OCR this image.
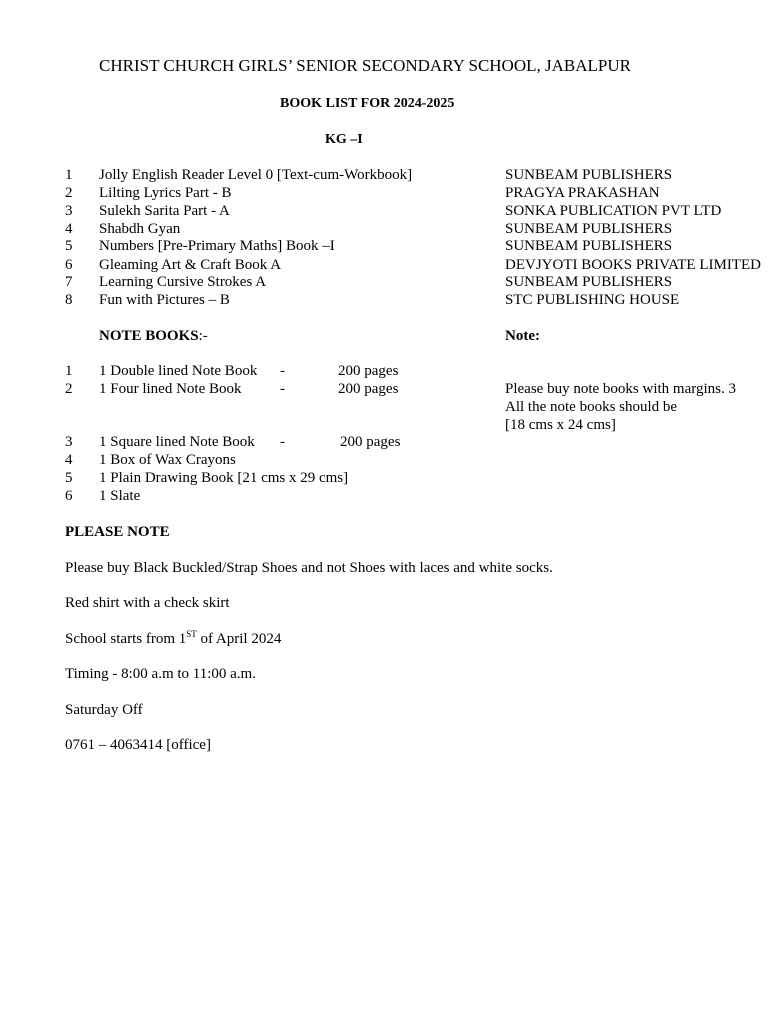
CHRIST CHURCH GIRLS’ SENIOR SECONDARY SCHOOL, JABALPUR
BOOK LIST FOR 2024-2025
KG –I
1 Jolly English Reader Level 0 [Text-cum-Workbook]	SUNBEAM PUBLISHERS
2 Lilting Lyrics Part - B	PRAGYA PRAKASHAN
3 Sulekh Sarita Part - A	SONKA PUBLICATION PVT LTD
4 Shabdh Gyan	SUNBEAM PUBLISHERS
5 Numbers [Pre-Primary Maths] Book –I	SUNBEAM PUBLISHERS
6 Gleaming Art & Craft Book A	DEVJYOTI BOOKS PRIVATE LIMITED
7 Learning Cursive Strokes A	SUNBEAM PUBLISHERS
8 Fun with Pictures – B	STC PUBLISHING HOUSE
NOTE BOOKS:-	Note:
1 1 Double lined Note Book -	200 pages
2 1 Four lined Note Book	-	200 pages
3 1 Square lined Note Book -	200 pages
4 1 Box of Wax Crayons
5 1 Plain Drawing Book [21 cms x 29 cms]
6 1 Slate
Please buy note books with margins. 3
All the note books should be
[18 cms x 24 cms]
PLEASE NOTE
Please buy Black Buckled/Strap Shoes and not Shoes with laces and white socks.
Red shirt with a check skirt
School starts from 1ST of April 2024
Timing - 8:00 a.m to 11:00 a.m.
Saturday Off
0761 – 4063414 [office]
